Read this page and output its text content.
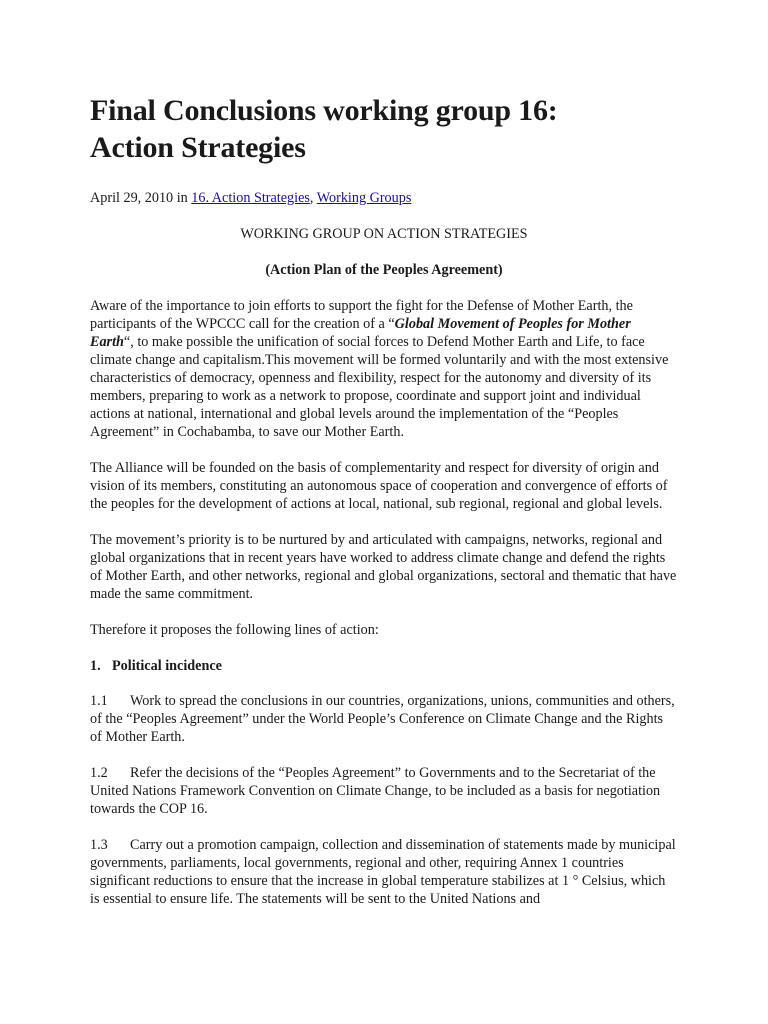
Final Conclusions working group 16:
Action Strategies
April 29, 2010 in 16. Action Strategies, Working Groups
WORKING GROUP ON ACTION STRATEGIES
(Action Plan of the Peoples Agreement)
Aware of the importance to join efforts to support the fight for the Defense of Mother Earth, the participants of the WPCCC call for the creation of a “Global Movement of Peoples for Mother Earth“, to make possible the unification of social forces to Defend Mother Earth and Life, to face climate change and capitalism.This movement will be formed voluntarily and with the most extensive characteristics of democracy, openness and flexibility, respect for the autonomy and diversity of its members, preparing to work as a network to propose, coordinate and support joint and individual actions at national, international and global levels around the implementation of the “Peoples Agreement” in Cochabamba, to save our Mother Earth.
The Alliance will be founded on the basis of complementarity and respect for diversity of origin and vision of its members, constituting an autonomous space of cooperation and convergence of efforts of the peoples for the development of actions at local, national, sub regional, regional and global levels.
The movement’s priority is to be nurtured by and articulated with campaigns, networks, regional and global organizations that in recent years have worked to address climate change and defend the rights of Mother Earth, and other networks, regional and global organizations, sectoral and thematic that have made the same commitment.
Therefore it proposes the following lines of action:
1. Political incidence
1.1 Work to spread the conclusions in our countries, organizations, unions, communities and others, of the “Peoples Agreement” under the World People’s Conference on Climate Change and the Rights of Mother Earth.
1.2 Refer the decisions of the “Peoples Agreement” to Governments and to the Secretariat of the United Nations Framework Convention on Climate Change, to be included as a basis for negotiation towards the COP 16.
1.3 Carry out a promotion campaign, collection and dissemination of statements made by municipal governments, parliaments, local governments, regional and other, requiring Annex 1 countries significant reductions to ensure that the increase in global temperature stabilizes at 1 ° Celsius, which is essential to ensure life. The statements will be sent to the United Nations and
